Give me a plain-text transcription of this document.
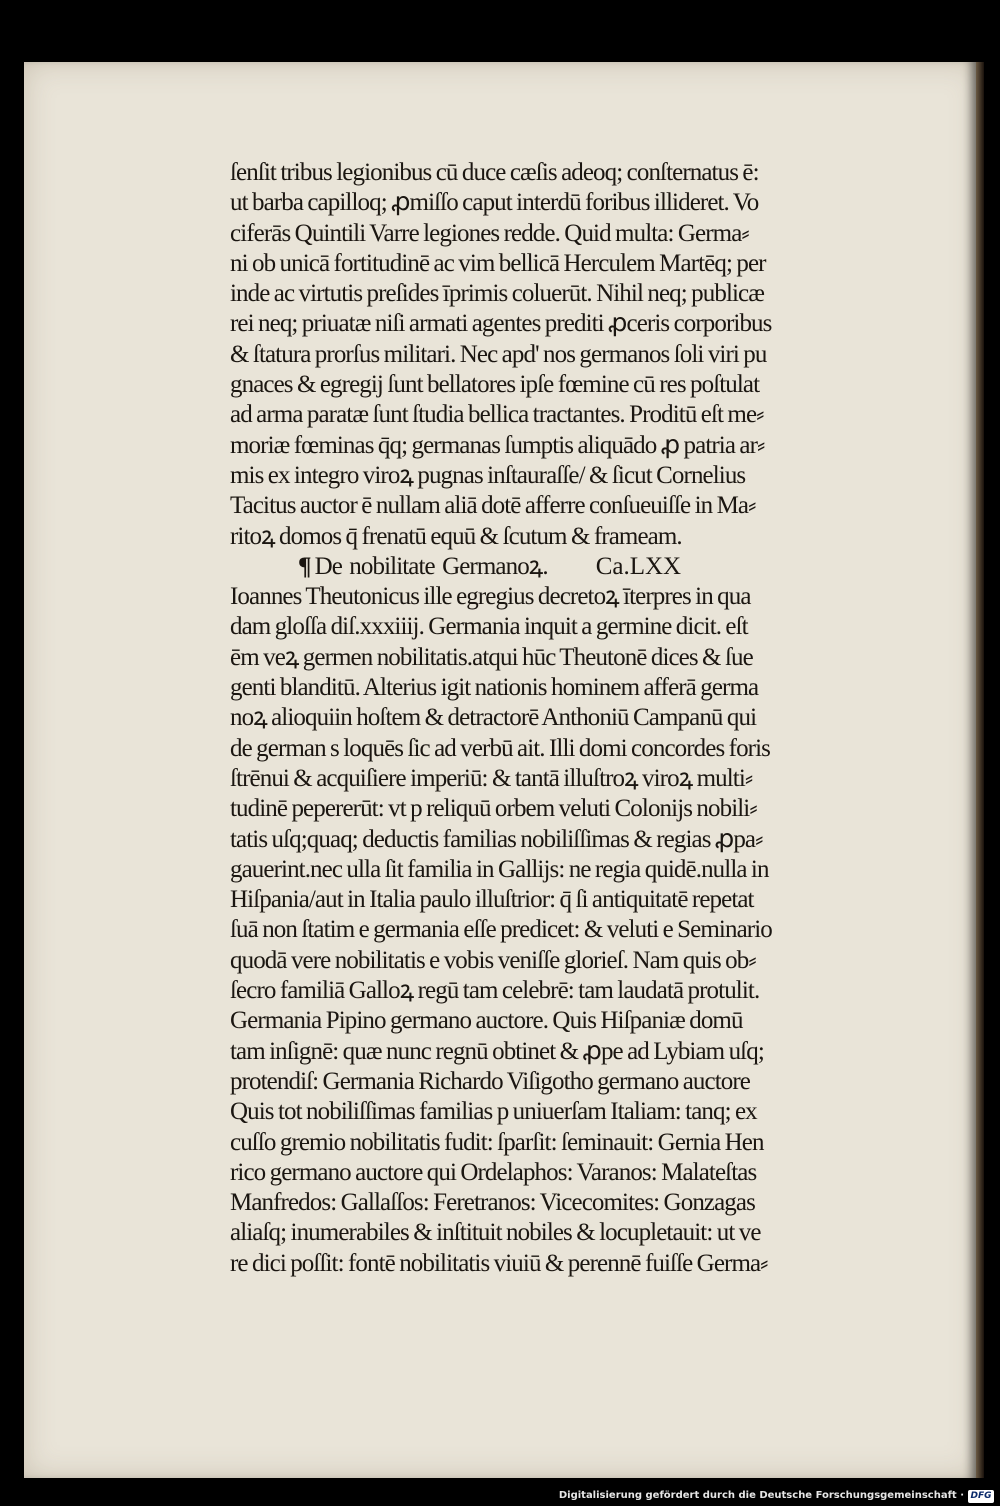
ſenſit tribus legionibus cū duce cæſis adeoq; conſternatus ē:
ut barba capilloq; ꝓmiſſo caput interdū foribus illideret. Vo
ciferās Quintili Varre legiones redde. Quid multa: Germa⸗
ni ob unicā fortitudinē ac vim bellicā Herculem Martēq; per
inde ac virtutis preſides īprimis coluerūt. Nihil neq; publicæ
rei neq; priuatæ niſi armati agentes prediti ꝓceris corporibus
& ſtatura prorſus militari. Nec apd' nos germanos ſoli viri pu
gnaces & egregij ſunt bellatores ipſe fœmine cū res poſtulat
ad arma paratæ ſunt ſtudia bellica tractantes. Proditū eſt me⸗
moriæ fœminas q̄q; germanas ſumptis aliquādo ꝓ patria ar⸗
mis ex integro viroꝝ pugnas inſtauraſſe/ & ſicut Cornelius
Tacitus auctor ē nullam aliā dotē afferre conſueuiſſe in Ma⸗
ritoꝝ domos q̄ frenatū equū & ſcutum & frameam.
¶ De nobilitate Germanoꝝ. Ca.LXX
Ioannes Theutonicus ille egregius decretoꝝ īterpres in qua
dam gloſſa diſ.xxxiiij. Germania inquit a germine dicit. eſt
ēm veꝝ germen nobilitatis.atqui hūc Theutonē dices & ſue
genti blanditū. Alterius igit nationis hominem afferā germa
noꝝ alioquiin hoſtem & detractorē Anthoniū Campanū qui
de german s loquēs ſic ad verbū ait. Illi domi concordes foris
ſtrēnui & acquiſiere imperiū: & tantā illuſtroꝝ viroꝝ multi⸗
tudinē pepererūt: vt p reliquū orbem veluti Colonijs nobili⸗
tatis uſq;quaq; deductis familias nobiliſſimas & regias ꝓpa⸗
gauerint.nec ulla ſit familia in Gallijs: ne regia quidē.nulla in
Hiſpania/aut in Italia paulo illuſtrior: q̄ ſi antiquitatē repetat
ſuā non ſtatim e germania eſſe predicet: & veluti e Seminario
quodā vere nobilitatis e vobis veniſſe glorieſ. Nam quis ob⸗
ſecro familiā Galloꝝ regū tam celebrē: tam laudatā protulit.
Germania Pipino germano auctore. Quis Hiſpaniæ domū
tam inſignē: quæ nunc regnū obtinet & ꝓpe ad Lybiam uſq;
protendiſ: Germania Richardo Viſigotho germano auctore
Quis tot nobiliſſimas familias p uniuerſam Italiam: tanq; ex
cuſſo gremio nobilitatis fudit: ſparſit: ſeminauit: Gernia Hen
rico germano auctore qui Ordelaphos: Varanos: Malateſtas
Manfredos: Gallaſſos: Feretranos: Vicecomites: Gonzagas
aliaſq; inumerabiles & inſtituit nobiles & locupletauit: ut ve
re dici poſſit: fontē nobilitatis viuiū & perennē fuiſſe Germa⸗
Digitalisierung gefördert durch die Deutsche Forschungsgemeinschaft · DFG
